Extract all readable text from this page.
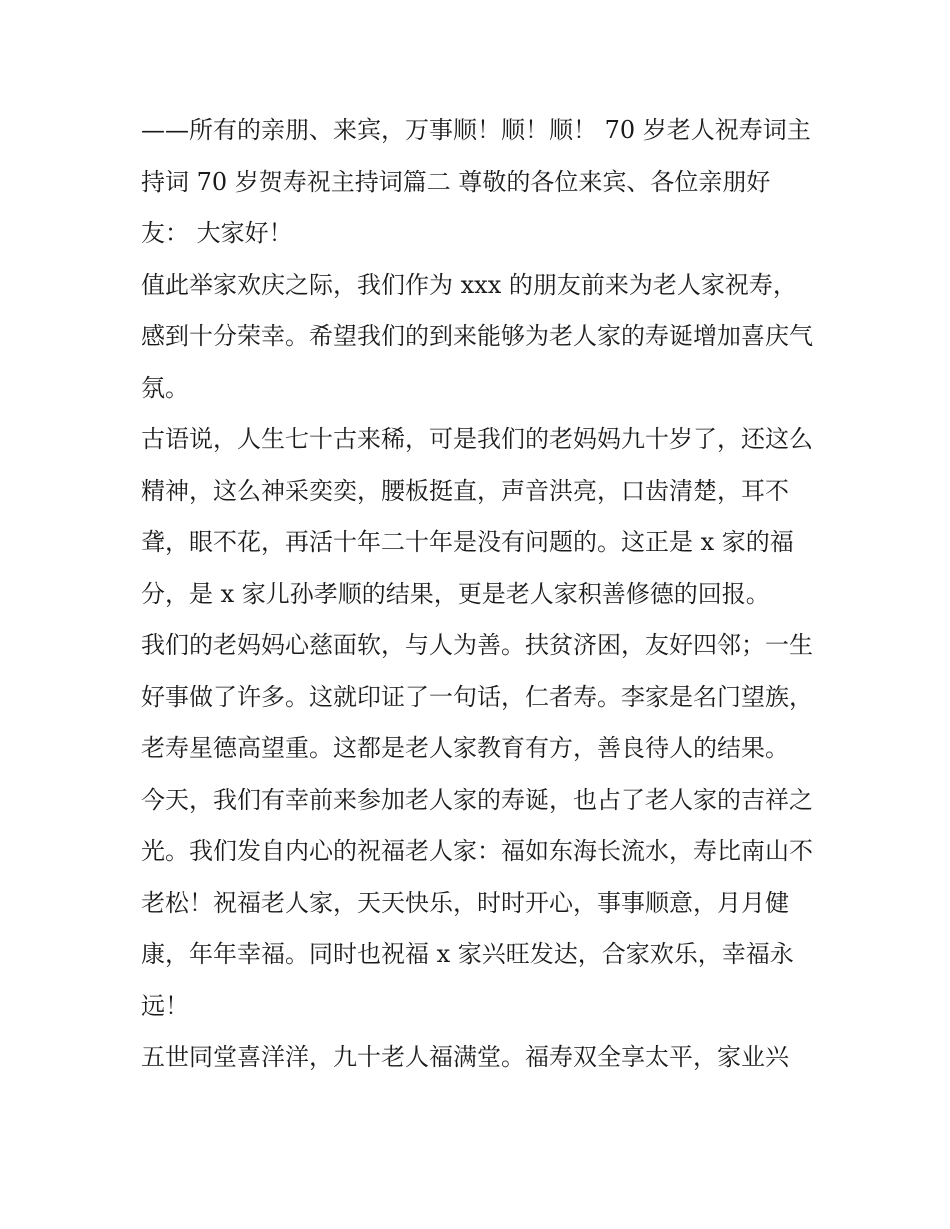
——所有的亲朋、来宾，万事顺！顺！顺！ 70 岁老人祝寿词主持词 70 岁贺寿祝主持词篇二 尊敬的各位来宾、各位亲朋好友： 大家好！

值此举家欢庆之际，我们作为 xxx 的朋友前来为老人家祝寿，感到十分荣幸。希望我们的到来能够为老人家的寿诞增加喜庆气氛。

古语说，人生七十古来稀，可是我们的老妈妈九十岁了，还这么精神，这么神采奕奕，腰板挺直，声音洪亮，口齿清楚，耳不聋，眼不花，再活十年二十年是没有问题的。这正是 x 家的福分，是 x 家儿孙孝顺的结果，更是老人家积善修德的回报。

我们的老妈妈心慈面软，与人为善。扶贫济困，友好四邻；一生好事做了许多。这就印证了一句话，仁者寿。李家是名门望族，老寿星德高望重。这都是老人家教育有方，善良待人的结果。

今天，我们有幸前来参加老人家的寿诞，也占了老人家的吉祥之光。我们发自内心的祝福老人家：福如东海长流水，寿比南山不老松！祝福老人家，天天快乐，时时开心，事事顺意，月月健康，年年幸福。同时也祝福 x 家兴旺发达，合家欢乐，幸福永远！

五世同堂喜洋洋，九十老人福满堂。福寿双全享太平，家业兴
